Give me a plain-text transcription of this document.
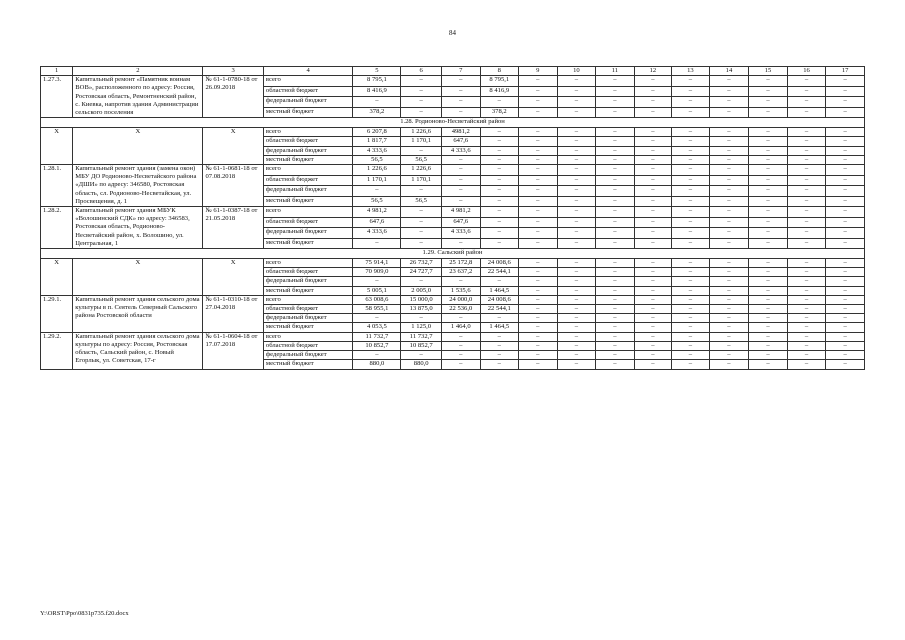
84
1	2	3	4	5	6	7	8	9	10	11	12	13	14	15	16	17
1.27.3.	Капитальный ремонт «Памятник воинам ВОВ», расположенного по адресу: Россия, Ростовская область, Ремонтненский район, с. Киевка, напротив здания Администрации сельского поселения	№ 61-1-0780-18 от 26.09.2018	всего	8 795,1	–	–	8 795,1	–	–	–	–	–	–	–	–	–
			областной бюджет	8 416,9	–	–	8 416,9	–	–	–	–	–	–	–	–	–
			федеральный бюджет	–	–	–	–	–	–	–	–	–	–	–	–	–
			местный бюджет	378,2	–	–	378,2	–	–	–	–	–	–	–	–	–
1.28. Родионово-Несветайский район																
Х	Х	Х	всего	6 207,8	1 226,6	4981,2	–	–	–	–	–	–	–	–	–	–
			областной бюджет	1 817,7	1 170,1	647,6	–	–	–	–	–	–	–	–	–	–
			федеральный бюджет	4 333,6	–	4 333,6	–	–	–	–	–	–	–	–	–	–
			местный бюджет	56,5	56,5	–	–	–	–	–	–	–	–	–	–	–
1.28.1.	Капитальный ремонт здания (замена окон) МБУ ДО Родионово-Несветайского района «ДШИ» по адресу: 346580, Ростовская область, сл. Родионово-Несветайская, ул. Просвещения, д. 1	№ 61-1-0681-18 от 07.08.2018	всего	1 226,6	1 226,6	–	–	–	–	–	–	–	–	–	–	–
			областной бюджет	1 170,1	1 170,1	–	–	–	–	–	–	–	–	–	–	–
			федеральный бюджет	–	–	–	–	–	–	–	–	–	–	–	–	–
			местный бюджет	56,5	56,5	–	–	–	–	–	–	–	–	–	–	–
1.28.2.	Капитальный ремонт здания МБУК «Волошинский СДК» по адресу: 346583, Ростовская область, Родионово-Несветайский район, х. Волошино, ул. Центральная, 1	№ 61-1-0387-18 от 21.05.2018	всего	4 981,2	–	4 981,2	–	–	–	–	–	–	–	–	–	–
			областной бюджет	647,6	–	647,6	–	–	–	–	–	–	–	–	–	–
			федеральный бюджет	4 333,6	–	4 333,6	–	–	–	–	–	–	–	–	–	–
			местный бюджет	–	–	–	–	–	–	–	–	–	–	–	–	–
1.29. Сальский район																
Х	Х	Х	всего	75 914,1	26 732,7	25 172,8	24 008,6	–	–	–	–	–	–	–	–	–
			областной бюджет	70 909,0	24 727,7	23 637,2	22 544,1	–	–	–	–	–	–	–	–	–
			федеральный бюджет	–	–	–	–	–	–	–	–	–	–	–	–	–
			местный бюджет	5 005,1	2 005,0	1 535,6	1 464,5	–	–	–	–	–	–	–	–	–
1.29.1.	Капитальный ремонт здания сельского дома культуры в п. Сеятель Северный Сальского района Ростовской области	№ 61-1-0310-18 от 27.04.2018	всего	63 008,6	15 000,0	24 000,0	24 008,6	–	–	–	–	–	–	–	–	–
			областной бюджет	58 955,1	13 875,0	22 536,0	22 544,1	–	–	–	–	–	–	–	–	–
			федеральный бюджет	–	–	–	–	–	–	–	–	–	–	–	–	–
			местный бюджет	4 053,5	1 125,0	1 464,0	1 464,5	–	–	–	–	–	–	–	–	–
1.29.2.	Капитальный ремонт здания сельского дома культуры по адресу: Россия, Ростовская область, Сальский район, с. Новый Егорлык, ул. Советская, 17-г	№ 61-1-0604-18 от 17.07.2018	всего	11 732,7	11 732,7	–	–	–	–	–	–	–	–	–	–	–
			областной бюджет	10 852,7	10 852,7	–	–	–	–	–	–	–	–	–	–	–
			федеральный бюджет	–	–	–	–	–	–	–	–	–	–	–	–	–
			местный бюджет	880,0	880,0	–	–	–	–	–	–	–	–	–	–	–
Y:\ORST\Ppo\0831p735.f20.docx
